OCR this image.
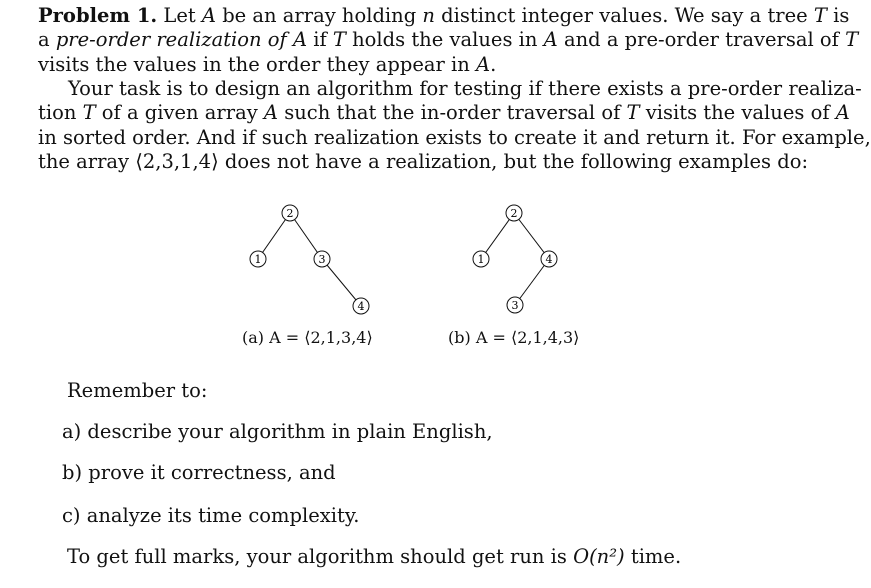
Problem 1. Let A be an array holding n distinct integer values. We say a tree T is
a pre-order realization of A if T holds the values in A and a pre-order traversal of T
visits the values in the order they appear in A.
Your task is to design an algorithm for testing if there exists a pre-order realiza-
tion T of a given array A such that the in-order traversal of T visits the values of A
in sorted order. And if such realization exists to create it and return it. For example,
the array ⟨2,3,1,4⟩ does not have a realization, but the following examples do:
2
1	3
4
2
1	4
3
(a) A = ⟨2,1,3,4⟩	(b) A = ⟨2,1,4,3⟩
Remember to:
a) describe your algorithm in plain English,
b) prove it correctness, and
c) analyze its time complexity.
To get full marks, your algorithm should get run is O(n²) time.
